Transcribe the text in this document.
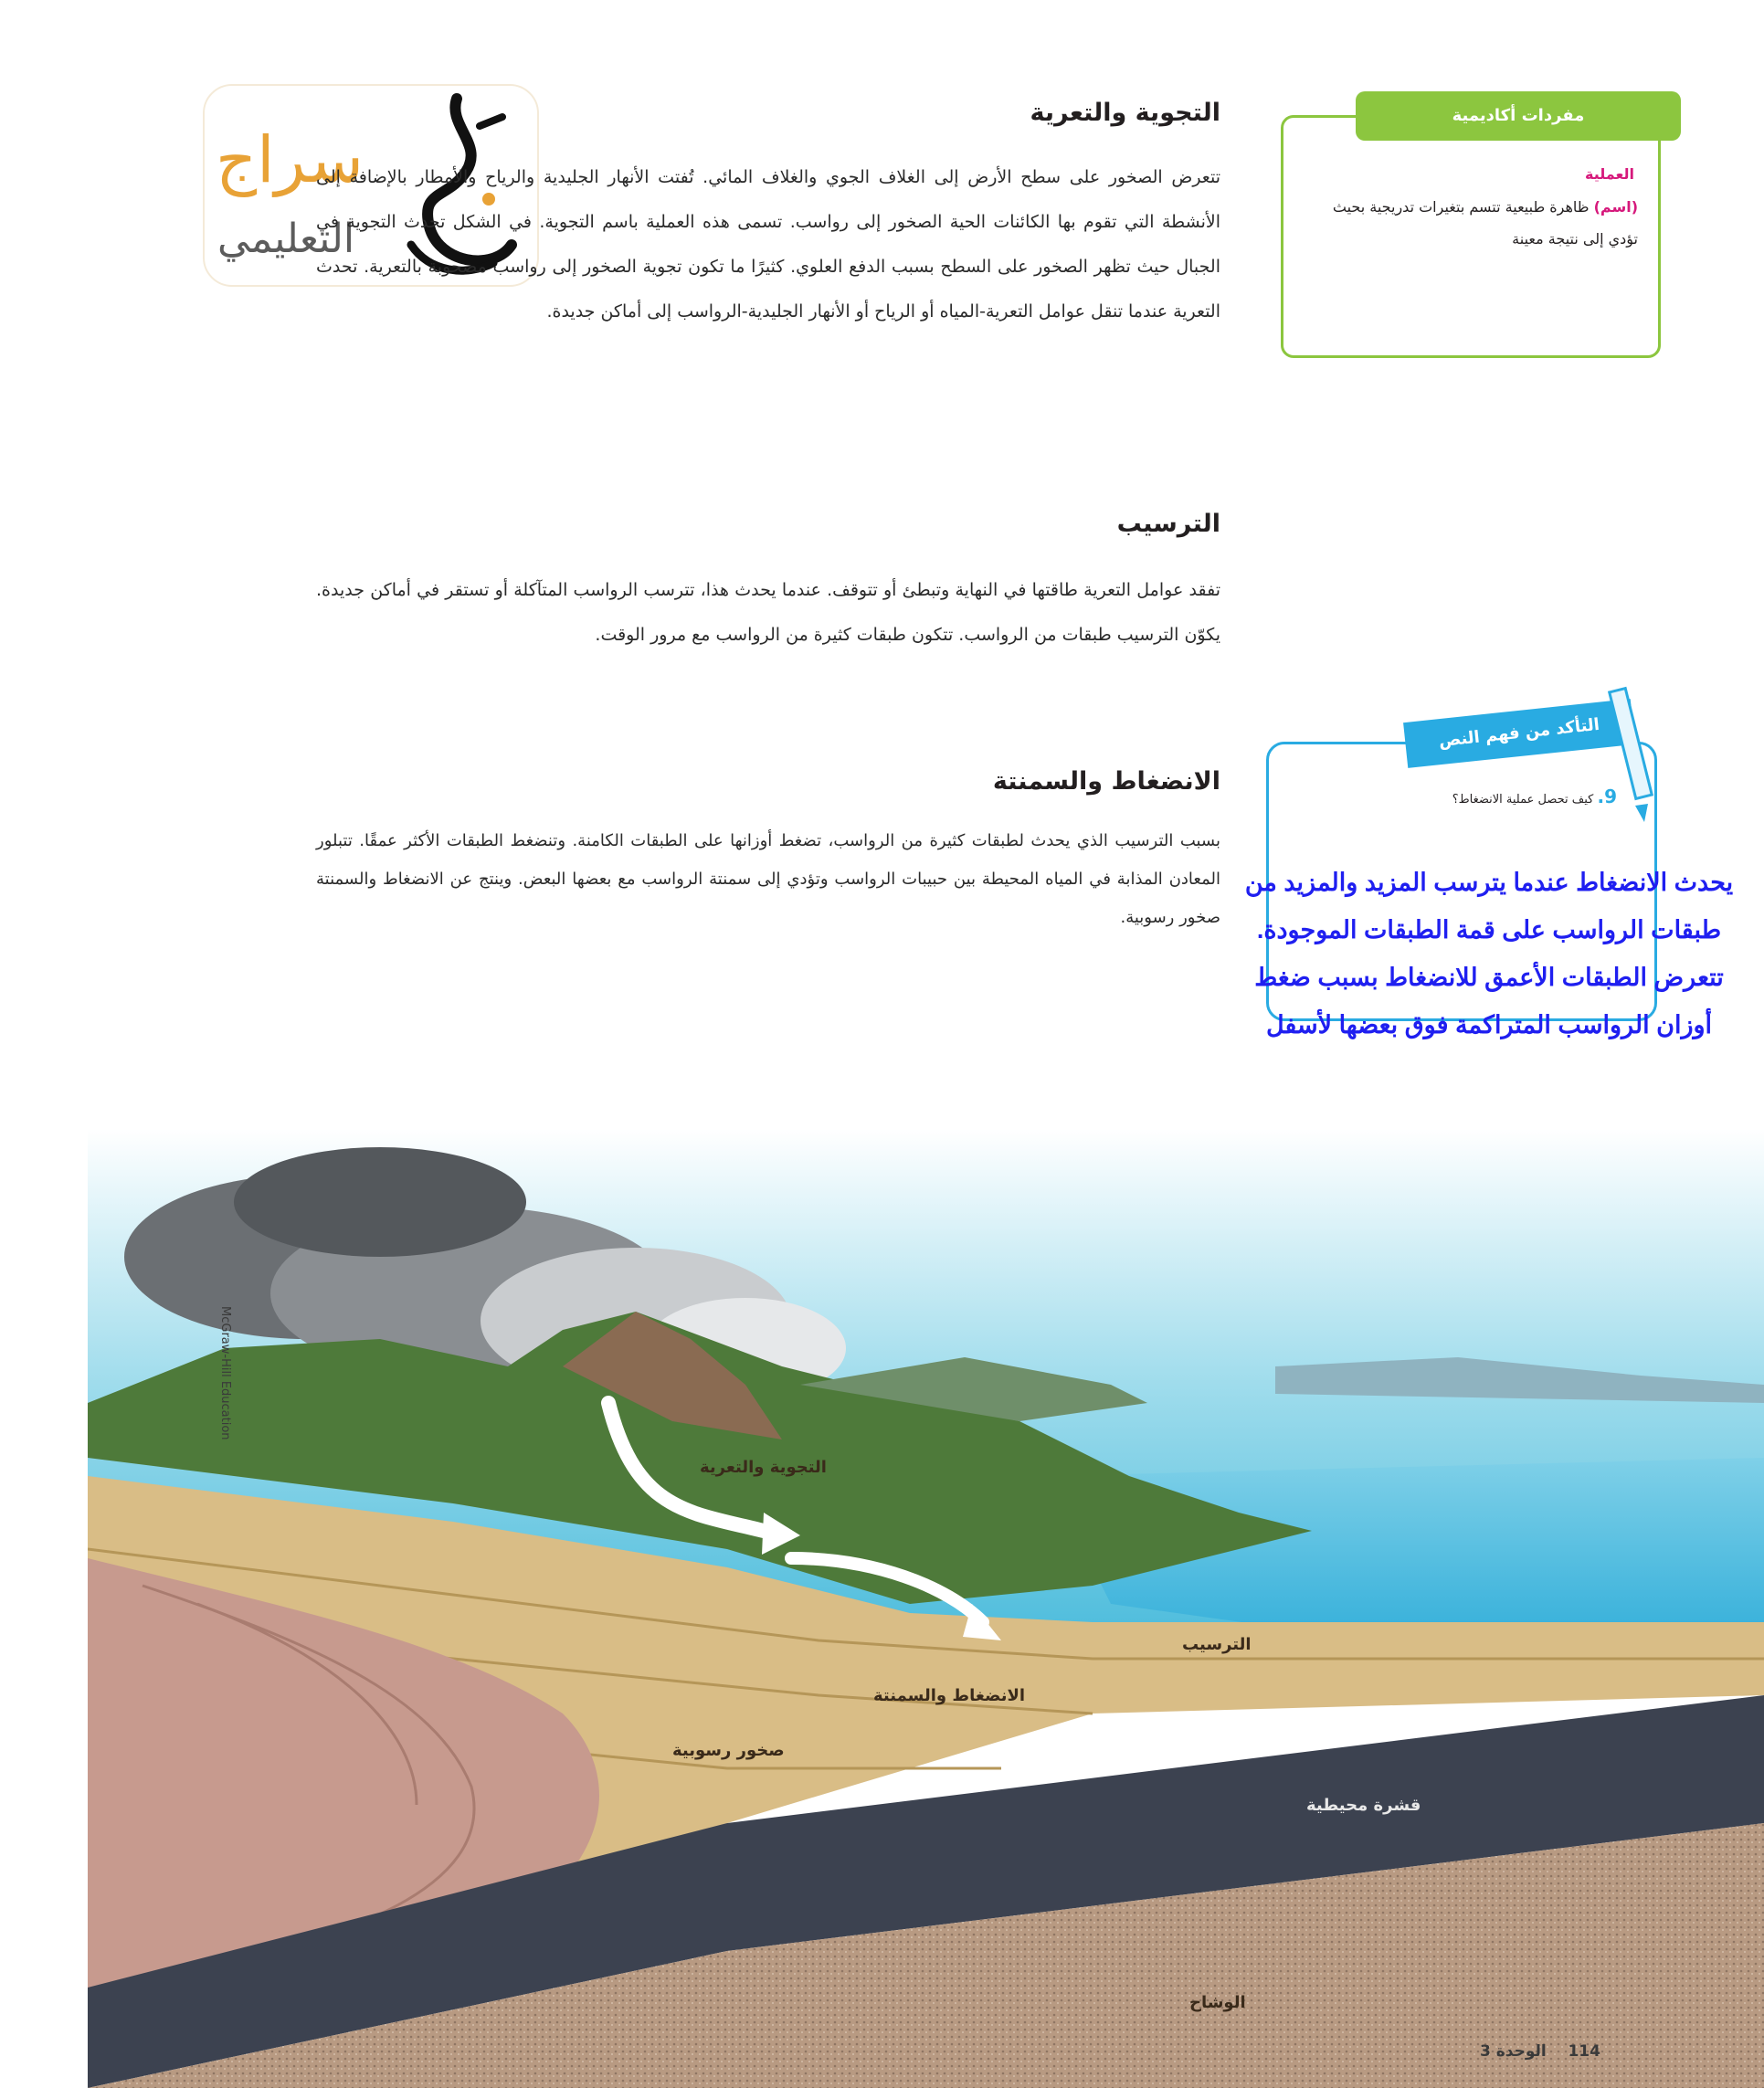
سراج
التعليمي
التجوية والتعرية

تتعرض الصخور على سطح الأرض إلى الغلاف الجوي والغلاف المائي. تُفتت الأنهار الجليدية والرياح والأمطار بالإضافة إلى الأنشطة التي تقوم بها الكائنات الحية الصخور إلى رواسب. تسمى هذه العملية باسم التجوية. في الشكل تحدث التجوية في الجبال حيث تظهر الصخور على السطح بسبب الدفع العلوي. كثيرًا ما تكون تجوية الصخور إلى رواسب مصحوبة بالتعرية. تحدث التعرية عندما تنقل عوامل التعرية-المياه أو الرياح أو الأنهار الجليدية-الرواسب إلى أماكن جديدة.

الترسيب

تفقد عوامل التعرية طاقتها في النهاية وتبطئ أو تتوقف. عندما يحدث هذا، تترسب الرواسب المتآكلة أو تستقر في أماكن جديدة. يكوّن الترسيب طبقات من الرواسب. تتكون طبقات كثيرة من الرواسب مع مرور الوقت.

الانضغاط والسمنتة

بسبب الترسيب الذي يحدث لطبقات كثيرة من الرواسب، تضغط أوزانها على الطبقات الكامنة. وتنضغط الطبقات الأكثر عمقًا. تتبلور المعادن المذابة في المياه المحيطة بين حبيبات الرواسب وتؤدي إلى سمنتة الرواسب مع بعضها البعض. وينتج عن الانضغاط والسمنتة صخور رسوبية.

العملية

(اسم) ظاهرة طبيعية تتسم بتغيرات تدريجية بحيث تؤدي إلى نتيجة معينة

مفردات أكاديمية
التأكد من فهم النص

9. كيف تحصل عملية الانضغاط؟

يحدث الانضغاط عندما يترسب المزيد والمزيد من طبقات الرواسب على قمة الطبقات الموجودة. تتعرض الطبقات الأعمق للانضغاط بسبب ضغط أوزان الرواسب المتراكمة فوق بعضها لأسفل

التجوية والتعرية
الترسيب
الانضغاط والسمنتة
صخور رسوبية
قشرة محيطية
الوشاح
McGraw-Hill Education
114    الوحدة 3
